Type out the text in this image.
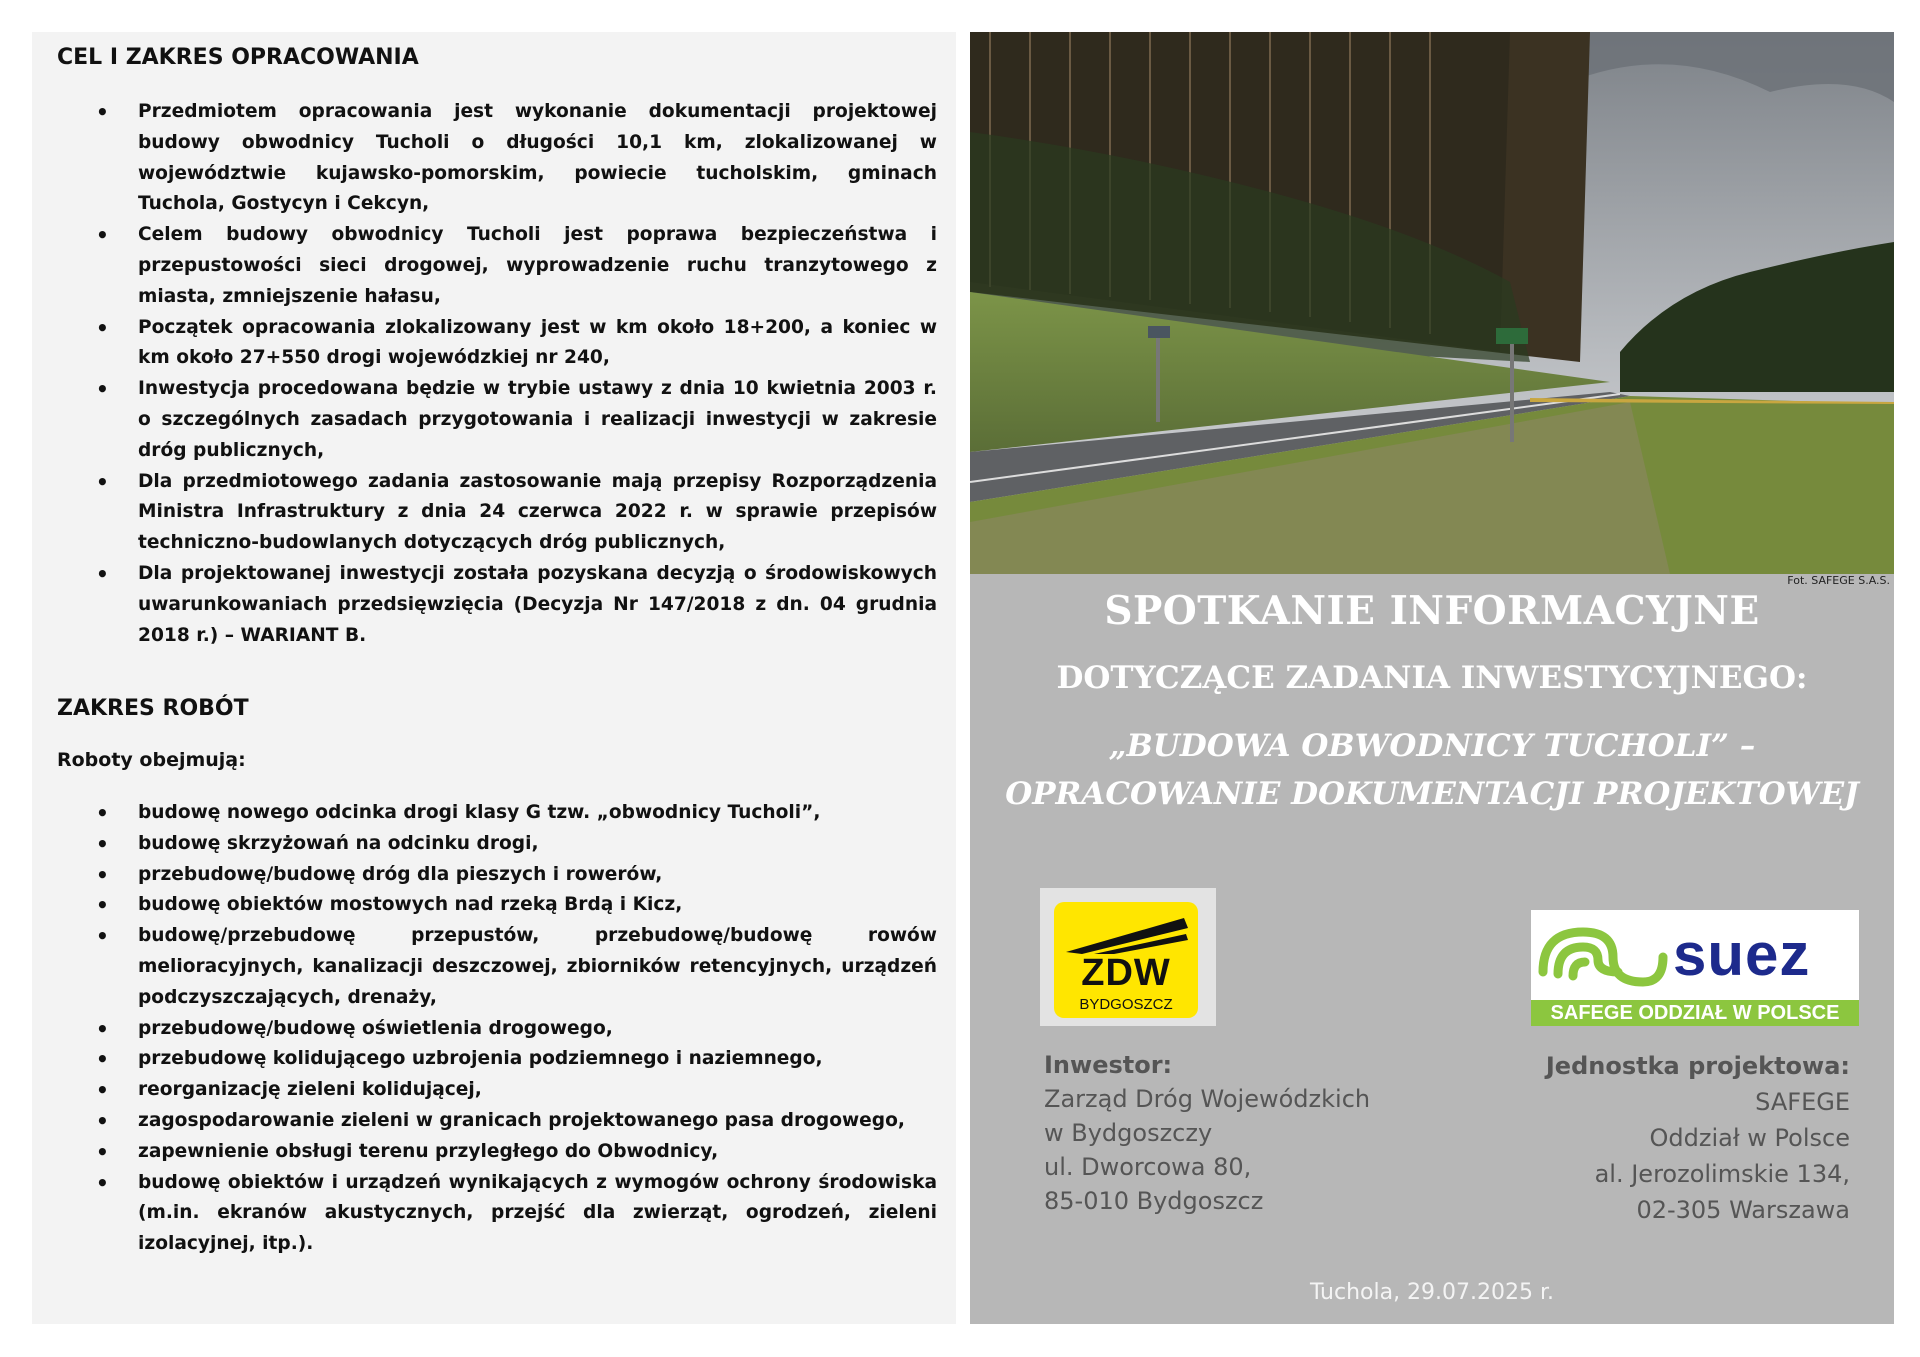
CEL I ZAKRES OPRACOWANIA
• Przedmiotem opracowania jest wykonanie dokumentacji projektowej budowy obwodnicy Tucholi o długości 10,1 km, zlokalizowanej w województwie kujawsko-pomorskim, powiecie tucholskim, gminach Tuchola, Gostycyn i Cekcyn,
• Celem budowy obwodnicy Tucholi jest poprawa bezpieczeństwa i przepustowości sieci drogowej, wyprowadzenie ruchu tranzytowego z miasta, zmniejszenie hałasu,
• Początek opracowania zlokalizowany jest w km około 18+200, a koniec w km około 27+550 drogi wojewódzkiej nr 240,
• Inwestycja procedowana będzie w trybie ustawy z dnia 10 kwietnia 2003 r. o szczególnych zasadach przygotowania i realizacji inwestycji w zakresie dróg publicznych,
• Dla przedmiotowego zadania zastosowanie mają przepisy Rozporządzenia Ministra Infrastruktury z dnia 24 czerwca 2022 r. w sprawie przepisów techniczno-budowlanych dotyczących dróg publicznych,
• Dla projektowanej inwestycji została pozyskana decyzją o środowiskowych uwarunkowaniach przedsięwzięcia (Decyzja Nr 147/2018 z dn. 04 grudnia 2018 r.) – WARIANT B.
ZAKRES ROBÓT

Roboty obejmują:

• budowę nowego odcinka drogi klasy G tzw. „obwodnicy Tucholi”,
• budowę skrzyżowań na odcinku drogi,
• przebudowę/budowę dróg dla pieszych i rowerów,
• budowę obiektów mostowych nad rzeką Brdą i Kicz,
• budowę/przebudowę przepustów, przebudowę/budowę rowów melioracyjnych, kanalizacji deszczowej, zbiorników retencyjnych, urządzeń podczyszczających, drenaży,
• przebudowę/budowę oświetlenia drogowego,
• przebudowę kolidującego uzbrojenia podziemnego i naziemnego,
• reorganizację zieleni kolidującej,
• zagospodarowanie zieleni w granicach projektowanego pasa drogowego,
• zapewnienie obsługi terenu przyległego do Obwodnicy,
• budowę obiektów i urządzeń wynikających z wymogów ochrony środowiska (m.in. ekranów akustycznych, przejść dla zwierząt, ogrodzeń, zieleni izolacyjnej, itp.).
Fot. SAFEGE S.A.S.
SPOTKANIE INFORMACYJNE
DOTYCZĄCE ZADANIA INWESTYCYJNEGO:
„BUDOWA OBWODNICY TUCHOLI” – OPRACOWANIE DOKUMENTACJI PROJEKTOWEJ
ZDW
BYDGOSZCZ
suez
SAFEGE ODDZIAŁ W POLSCE
Inwestor:
Zarząd Dróg Wojewódzkich
w Bydgoszczy
ul. Dworcowa 80,
85-010 Bydgoszcz
Jednostka projektowa:
SAFEGE
Oddział w Polsce
al. Jerozolimskie 134,
02-305 Warszawa
Tuchola, 29.07.2025 r.
